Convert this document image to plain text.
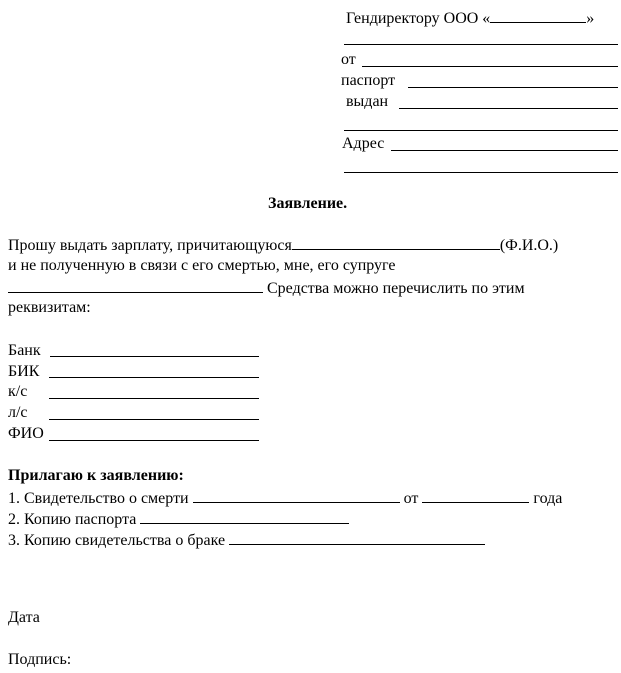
Гендиректору ООО «	»
от
паспорт
выдан
Адрес
Заявление.
Прошу выдать зарплату, причитающуюся	(Ф.И.О.)
и не полученную в связи с его смертью, мне, его супруге
Средства можно перечислить по этим
реквизитам:
Банк
БИК
к/с
л/с
ФИО
Прилагаю к заявлению:
1. Свидетельство о смерти	от	года
2. Копию паспорта
3. Копию свидетельства о браке
Дата
Подпись:
